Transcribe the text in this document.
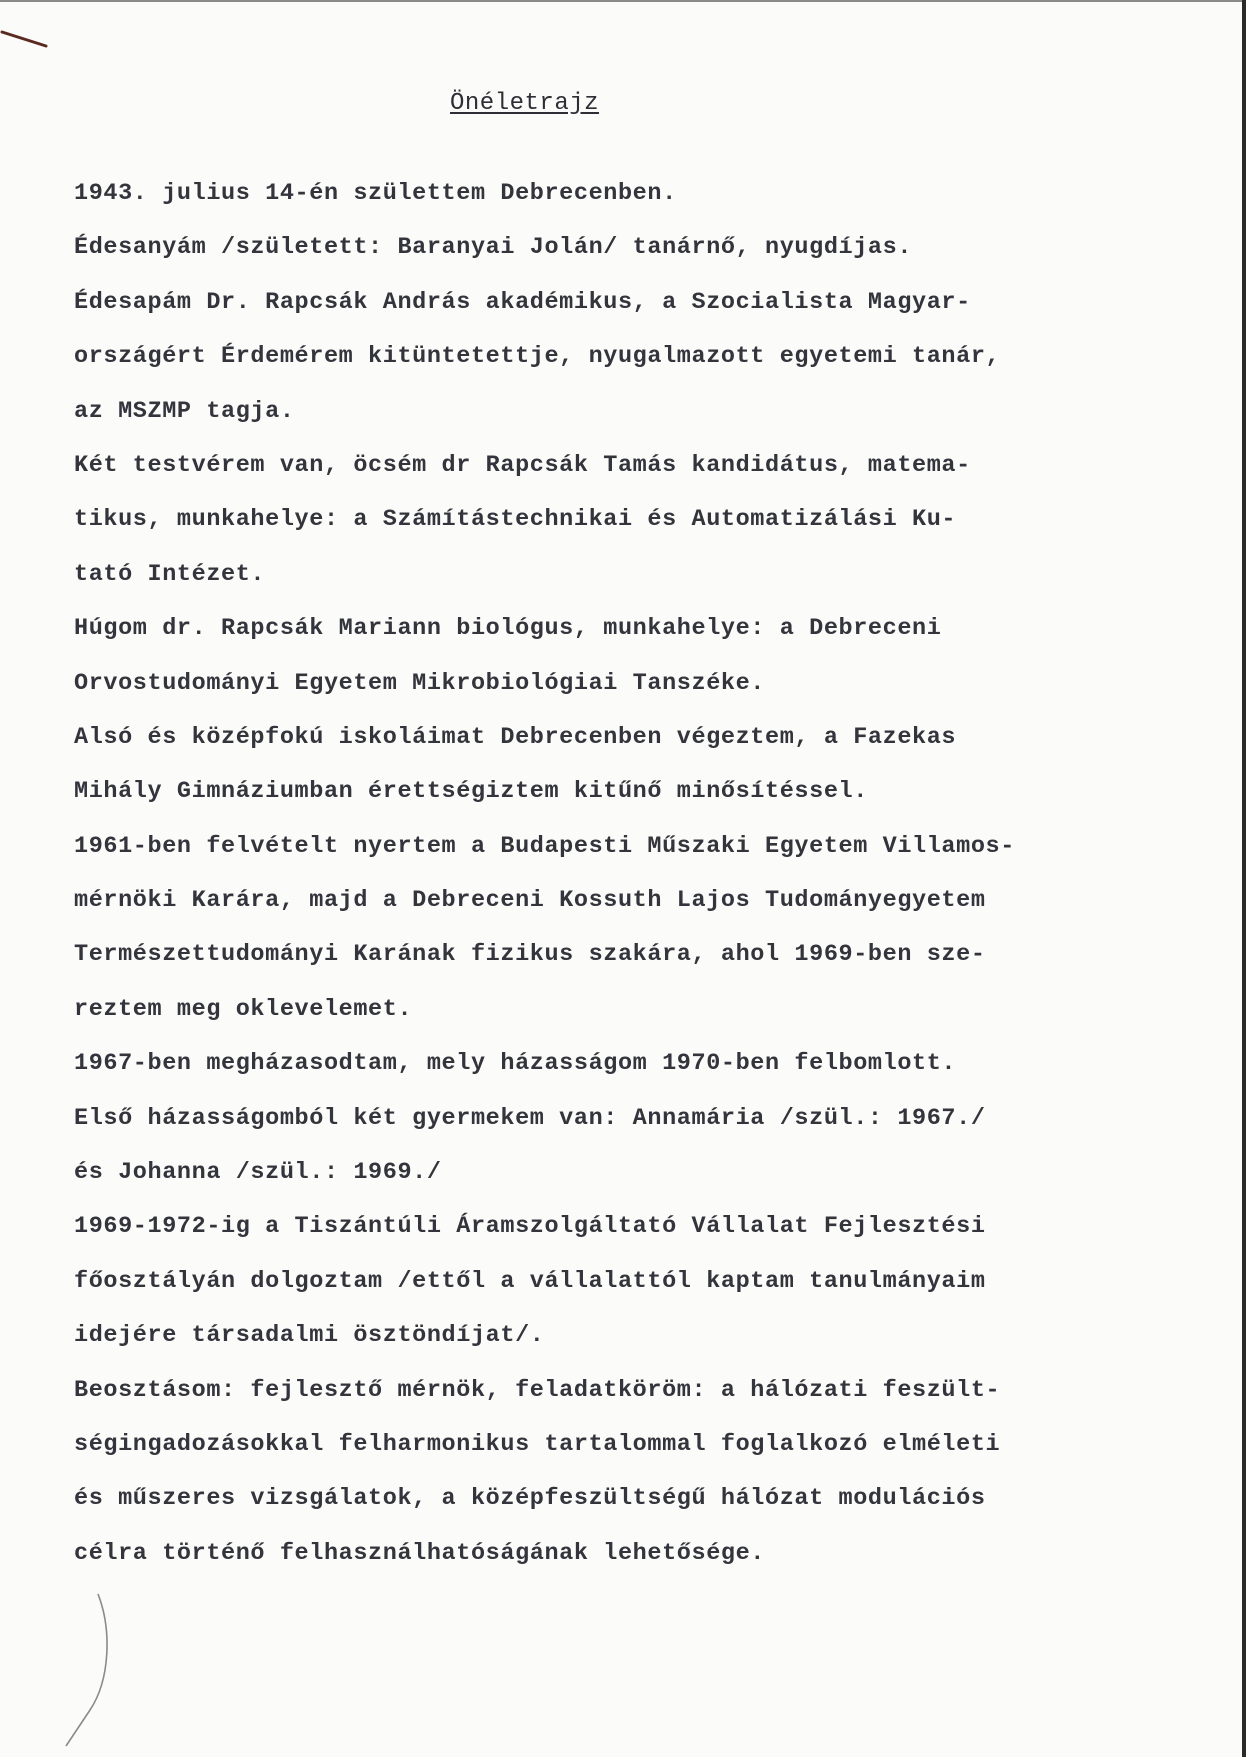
Önéletrajz
1943. julius 14-én születtem Debrecenben.
Édesanyám /született: Baranyai Jolán/ tanárnő, nyugdíjas.
Édesapám Dr. Rapcsák András akadémikus, a Szocialista Magyar-
országért Érdemérem kitüntetettje, nyugalmazott egyetemi tanár,
az MSZMP tagja.
Két testvérem van, öcsém dr Rapcsák Tamás kandidátus, matema-
tikus, munkahelye: a Számítástechnikai és Automatizálási Ku-
tató Intézet.
Húgom dr. Rapcsák Mariann biológus, munkahelye: a Debreceni
Orvostudományi Egyetem Mikrobiológiai Tanszéke.
Alsó és középfokú iskoláimat Debrecenben végeztem, a Fazekas
Mihály Gimnáziumban érettségiztem kitűnő minősítéssel.
1961-ben felvételt nyertem a Budapesti Műszaki Egyetem Villamos-
mérnöki Karára, majd a Debreceni Kossuth Lajos Tudományegyetem
Természettudományi Karának fizikus szakára, ahol 1969-ben sze-
reztem meg oklevelemet.
1967-ben megházasodtam, mely házasságom 1970-ben felbomlott.
Első házasságomból két gyermekem van: Annamária /szül.: 1967./
és Johanna /szül.: 1969./
1969-1972-ig a Tiszántúli Áramszolgáltató Vállalat Fejlesztési
főosztályán dolgoztam /ettől a vállalattól kaptam tanulmányaim
idejére társadalmi ösztöndíjat/.
Beosztásom: fejlesztő mérnök, feladatköröm: a hálózati feszült-
ségingadozásokkal felharmonikus tartalommal foglalkozó elméleti
és műszeres vizsgálatok, a középfeszültségű hálózat modulációs
célra történő felhasználhatóságának lehetősége.
